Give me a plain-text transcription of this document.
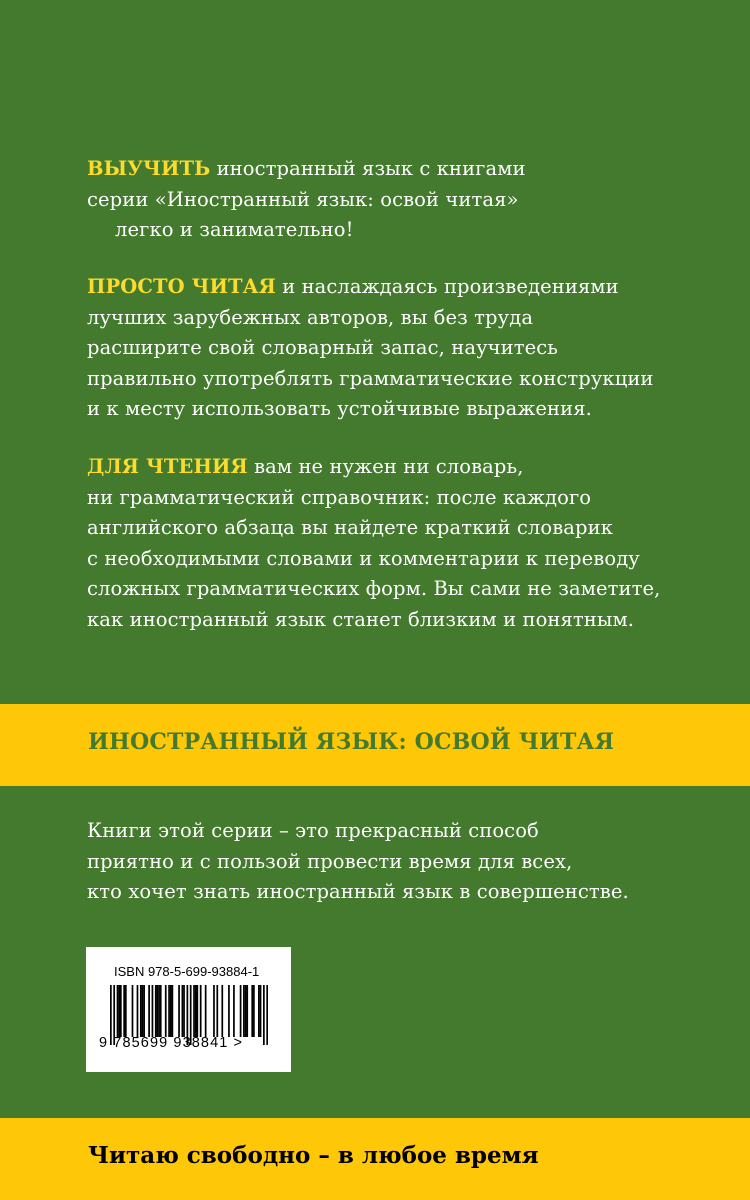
ВЫУЧИТЬ иностранный язык с книгами
серии «Иностранный язык: освой читая»
легко и занимательно!
ПРОСТО ЧИТАЯ и наслаждаясь произведениями
лучших зарубежных авторов, вы без труда
расширите свой словарный запас, научитесь
правильно употреблять грамматические конструкции
и к месту использовать устойчивые выражения.
ДЛЯ ЧТЕНИЯ вам не нужен ни словарь,
ни грамматический справочник: после каждого
английского абзаца вы найдете краткий словарик
с необходимыми словами и комментарии к переводу
сложных грамматических форм. Вы сами не заметите,
как иностранный язык станет близким и понятным.
ИНОСТРАННЫЙ ЯЗЫК: ОСВОЙ ЧИТАЯ
Книги этой серии – это прекрасный способ
приятно и с пользой провести время для всех,
кто хочет знать иностранный язык в совершенстве.
ISBN 978-5-699-93884-1
9 785699 938841 >
Читаю свободно – в любое время
